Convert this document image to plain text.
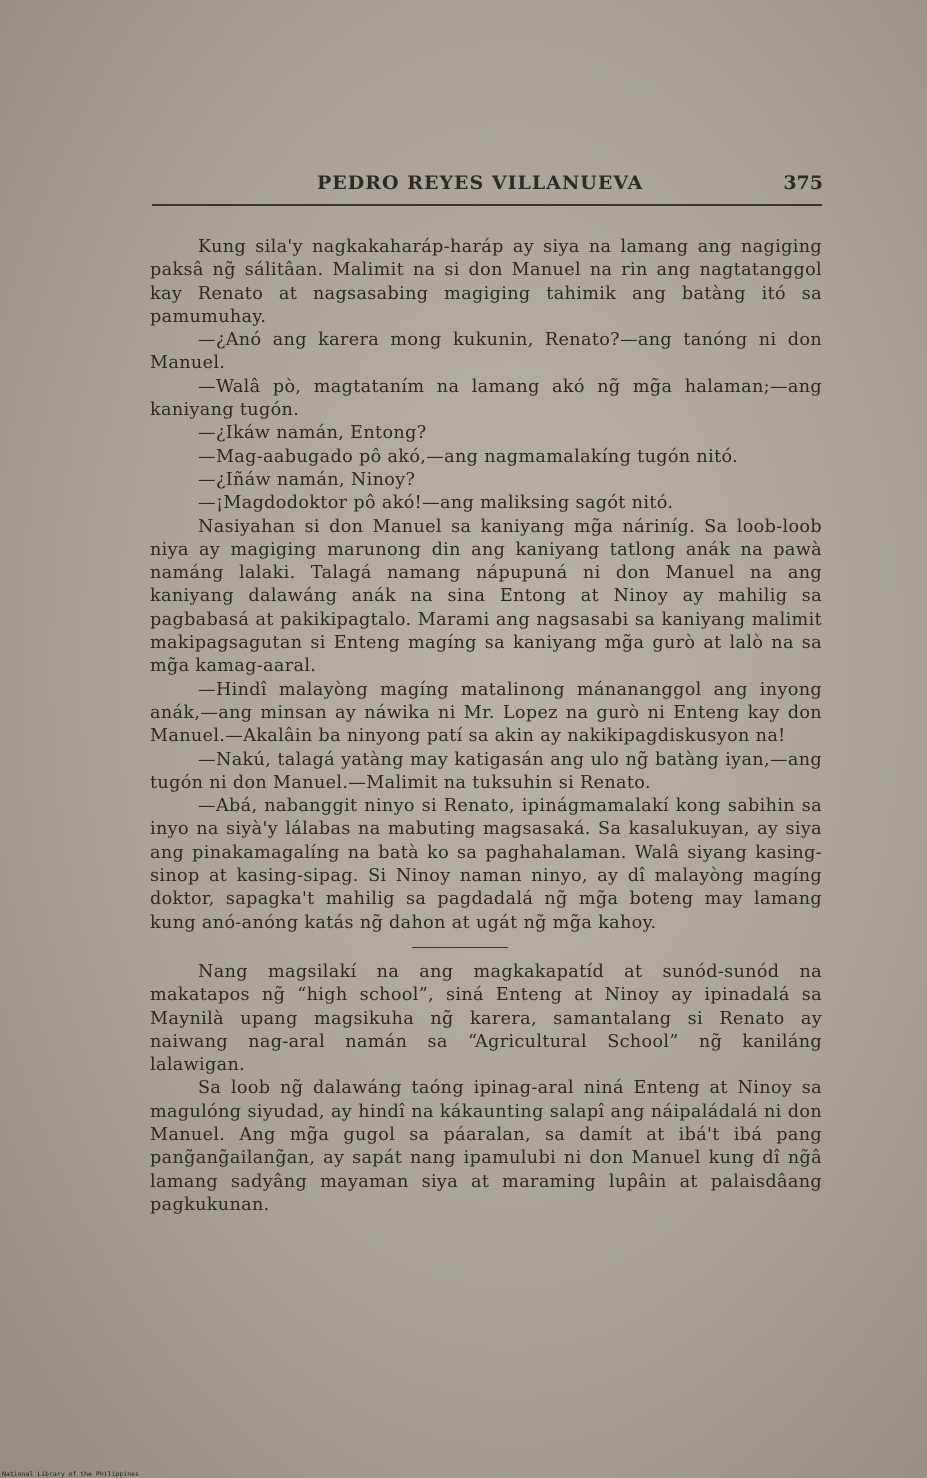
PEDRO REYES VILLANUEVA	375

Kung sila'y nagkakaharáp-haráp ay siya na lamang ang nagiging paksâ ng̃ sálitâan. Malimit na si don Manuel na rin ang nagtatanggol kay Renato at nagsasabing magiging tahimik ang batàng itó sa pamumuhay.

—¿Anó ang karera mong kukunin, Renato?—ang tanóng ni don Manuel.

—Walâ pò, magtataním na lamang akó ng̃ mg̃a halaman;—ang kaniyang tugón.

—¿Ikáw namán, Entong?

—Mag-aabugado pô akó,—ang nagmamalakíng tugón nitó.

—¿Iñáw namán, Ninoy?

—¡Magdodoktor pô akó!—ang maliksing sagót nitó.

Nasiyahan si don Manuel sa kaniyang mg̃a náriníg. Sa loob-loob niya ay magiging marunong din ang kaniyang tatlong anák na pawà namáng lalaki. Talagá namang nápupuná ni don Manuel na ang kaniyang dalawáng anák na sina Entong at Ninoy ay mahilig sa pagbabasá at pakikipagtalo. Marami ang nagsasabi sa kaniyang malimit makipagsagutan si Enteng magíng sa kaniyang mg̃a gurò at lalò na sa mg̃a kamag-aaral.

—Hindî malayòng magíng matalinong mánananggol ang inyong anák,—ang minsan ay náwika ni Mr. Lopez na gurò ni Enteng kay don Manuel.—Akalâin ba ninyong patí sa akin ay nakikipagdiskusyon na!

—Nakú, talagá yatàng may katigasán ang ulo ng̃ batàng iyan,—ang tugón ni don Manuel.—Malimit na tuksuhin si Renato.

—Abá, nabanggit ninyo si Renato, ipinágmamalakí kong sabihin sa inyo na siyà'y lálabas na mabuting magsasaká. Sa kasalukuyan, ay siya ang pinakamagalíng na batà ko sa paghahalaman. Walâ siyang kasing-sinop at kasing-sipag. Si Ninoy naman ninyo, ay dî malayòng magíng doktor, sapagka't mahilig sa pagdadalá ng̃ mg̃a boteng may lamang kung anó-anóng katás ng̃ dahon at ugát ng̃ mg̃a kahoy.

Nang magsilakí na ang magkakapatíd at sunód-sunód na makatapos ng̃ “high school”, siná Enteng at Ninoy ay ipinadalá sa Maynilà upang magsikuha ng̃ karera, samantalang si Renato ay naiwang nag-aral namán sa “Agricultural School” ng̃ kaniláng lalawigan.

Sa loob ng̃ dalawáng taóng ipinag-aral niná Enteng at Ninoy sa magulóng siyudad, ay hindî na kákaunting salapî ang náipaládalá ni don Manuel. Ang mg̃a gugol sa páaralan, sa damít at ibá't ibá pang pang̃ang̃ailang̃an, ay sapát nang ipamulubi ni don Manuel kung dî ng̃â lamang sadyâng mayaman siya at maraming lupâin at palaisdâang pagkukunan.

National Library of the Philippines
